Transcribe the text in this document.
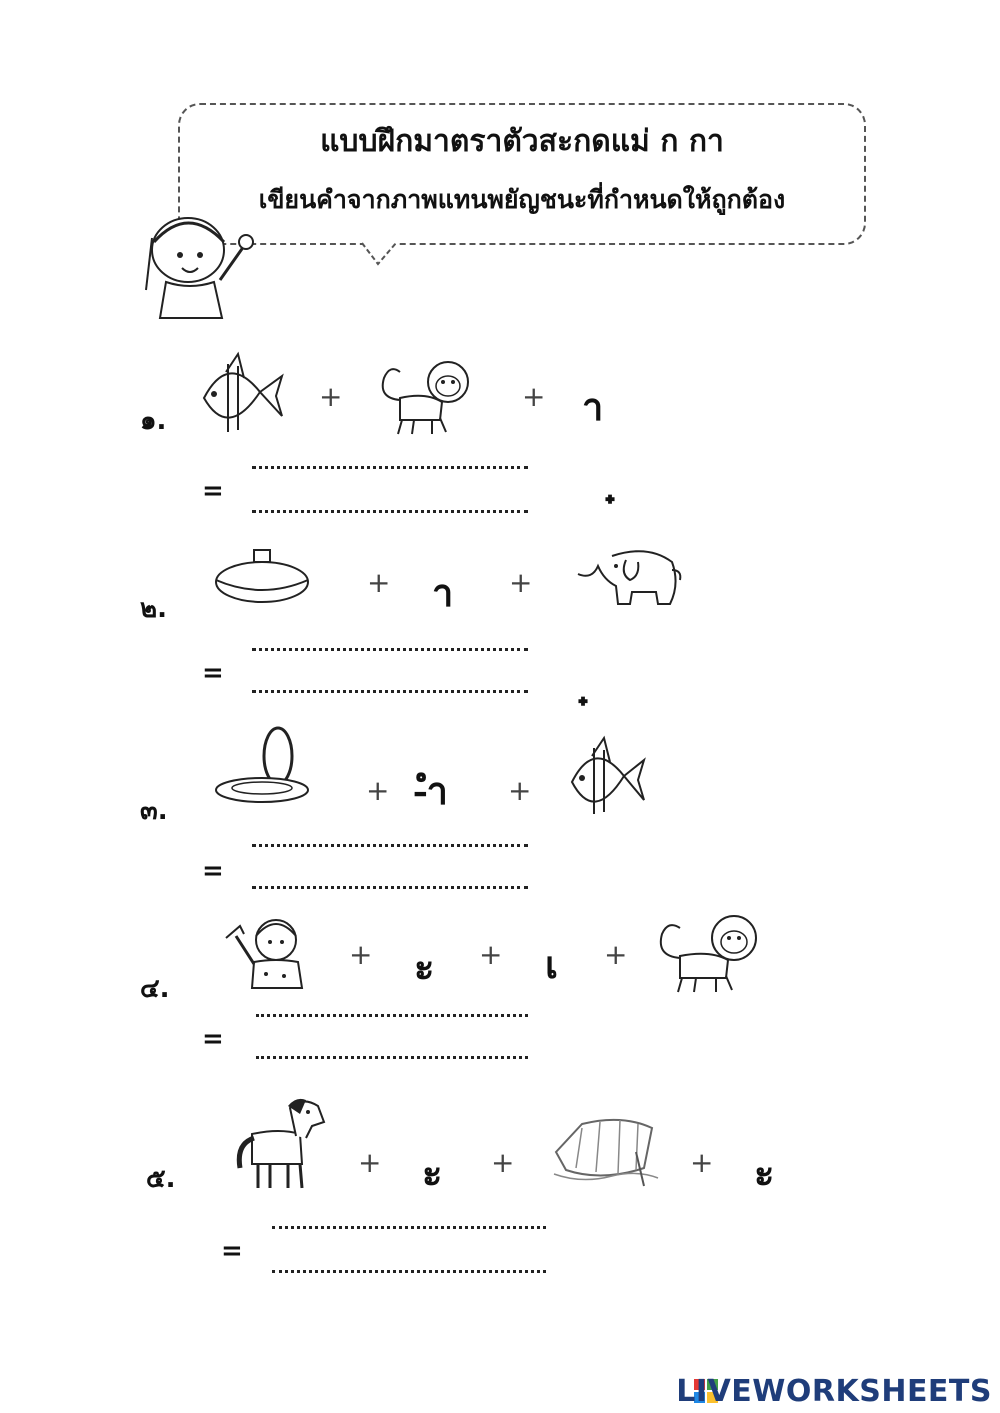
แบบฝึกมาตราตัวสะกดแม่ ก กา
เขียนคำจากภาพแทนพยัญชนะที่กำหนดให้ถูกต้อง
๑.
+	+ า
=
๒.
+ า +
=
๓.
+ -ำ +
=
๔.
+ ะ + เ +
=
๕.	+ ะ +	+ ะ
=
LIVEWORKSHEETS
